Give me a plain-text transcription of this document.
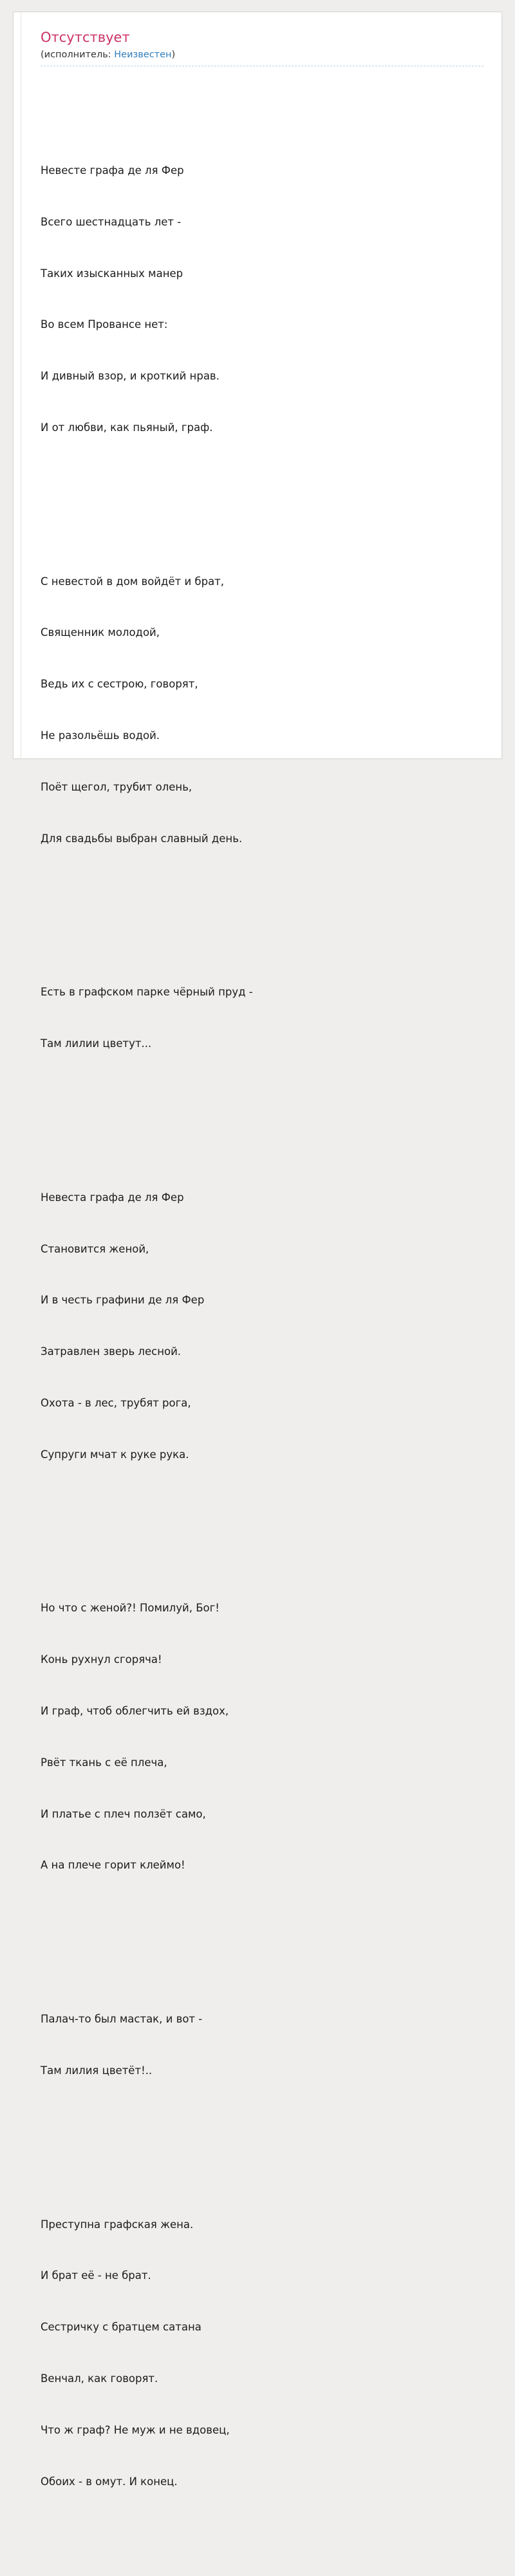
Отсутствует
(исполнитель: Неизвестен)

Невесте графа де ля Фер

Всего шестнадцать лет -

Таких изысканных манер

Во всем Провансе нет:

И дивный взор, и кроткий нрав.

И от любви, как пьяный, граф.

С невестой в дом войдёт и брат,

Священник молодой,

Ведь их с сестрою, говорят,

Не разольёшь водой.

Поёт щегол, трубит олень,

Для свадьбы выбран славный день.

Есть в графском парке чёрный пруд -

Там лилии цветут...

Невеста графа де ля Фер

Становится женой,

И в честь графини де ля Фер

Затравлен зверь лесной.

Охота - в лес, трубят рога,

Супруги мчат к руке рука.

Но что с женой?! Помилуй, Бог!

Конь рухнул сгоряча!

И граф, чтоб облегчить ей вздох,

Рвёт ткань с её плеча,

И платье с плеч ползёт само,

А на плече горит клеймо!

Палач-то был мастак, и вот -

Там лилия цветёт!..

Преступна графская жена.

И брат её - не брат.

Сестричку с братцем сатана

Венчал, как говорят.

Что ж граф? Не муж и не вдовец,

Обоих - в омут. И конец.
